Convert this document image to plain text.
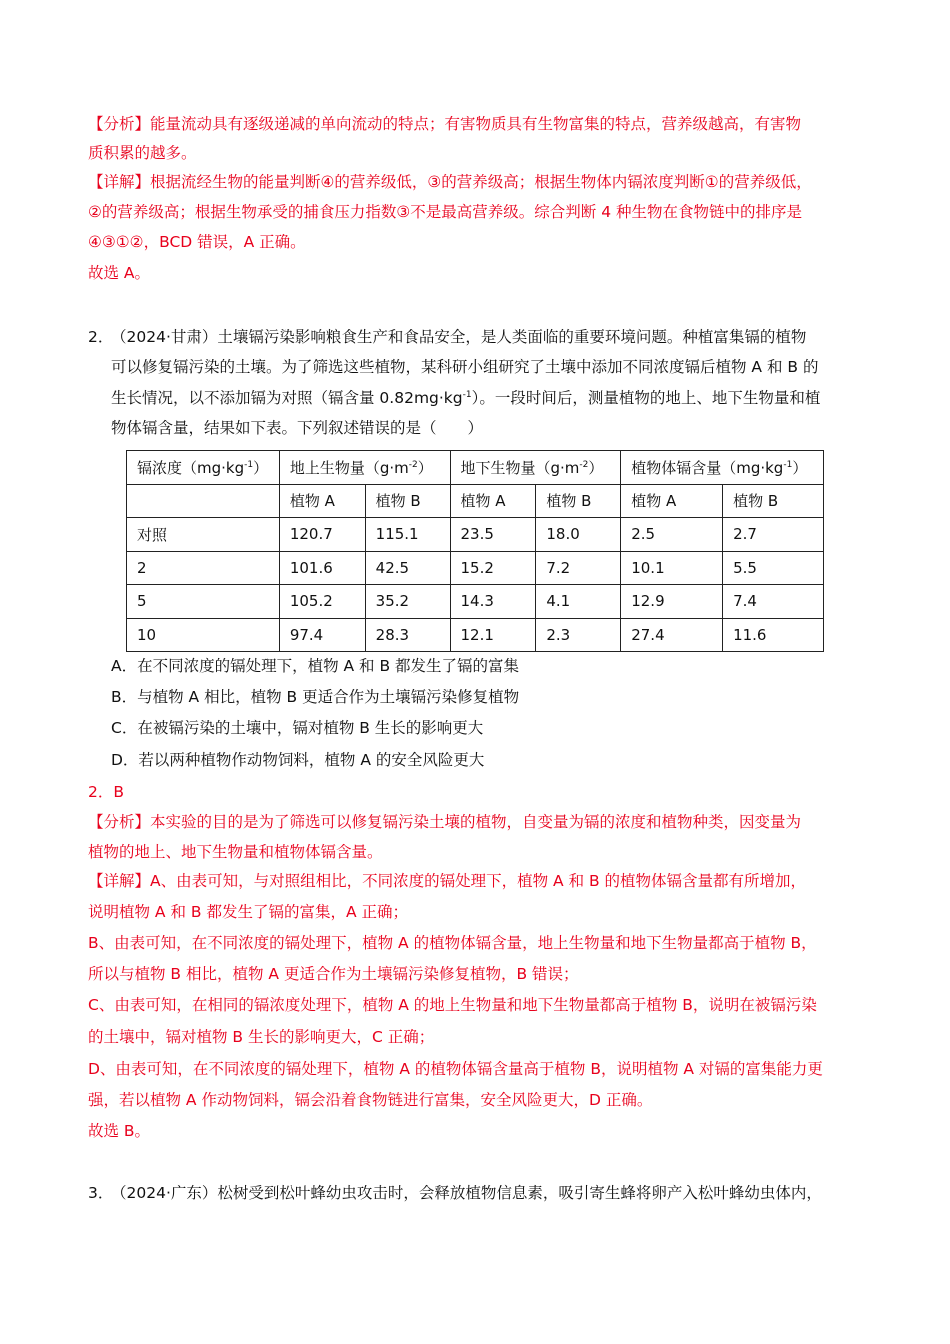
【分析】能量流动具有逐级递减的单向流动的特点；有害物质具有生物富集的特点，营养级越高，有害物
质积累的越多。
【详解】根据流经生物的能量判断④的营养级低，③的营养级高；根据生物体内镉浓度判断①的营养级低，
②的营养级高；根据生物承受的捕食压力指数③不是最高营养级。综合判断 4 种生物在食物链中的排序是
④③①②，BCD 错误，A 正确。
故选 A。
2．
（2024·甘肃）土壤镉污染影响粮食生产和食品安全，是人类面临的重要环境问题。种植富集镉的植物
可以修复镉污染的土壤。为了筛选这些植物，某科研小组研究了土壤中添加不同浓度镉后植物 A 和 B 的
生长情况，以不添加镉为对照（镉含量 $0.82mg\cdot kg^{-1}$）。一段时间后，测量植物的地上、地下生物量和植
物体镉含量，结果如下表。下列叙述错误的是（　　）
镉浓度$(mg\cdot kg^{-1})$	地上生物量$(g\cdot m^{-2})$		地下生物量$(g\cdot m^{-2})$		植物体镉含量$(mg\cdot kg^{-1})$	
	植物 A	植物 B	植物 A	植物 B	植物 A	植物 B
对照	120.7	115.1	23.5	18.0	2.5	2.7
2	101.6	42.5	15.2	7.2	10.1	5.5
5	105.2	35.2	14.3	4.1	12.9	7.4
10	97.4	28.3	12.1	2.3	27.4	11.6
A．在不同浓度的镉处理下，植物 A 和 B 都发生了镉的富集
B．与植物 A 相比，植物 B 更适合作为土壤镉污染修复植物
C．在被镉污染的土壤中，镉对植物 B 生长的影响更大
D．若以两种植物作动物饲料，植物 A 的安全风险更大
2．B
【分析】本实验的目的是为了筛选可以修复镉污染土壤的植物，自变量为镉的浓度和植物种类，因变量为
植物的地上、地下生物量和植物体镉含量。
【详解】A、由表可知，与对照组相比，不同浓度的镉处理下，植物 A 和 B 的植物体镉含量都有所增加，
说明植物 A 和 B 都发生了镉的富集，A 正确；
B、由表可知，在不同浓度的镉处理下，植物 A 的植物体镉含量，地上生物量和地下生物量都高于植物 B，
所以与植物 B 相比，植物 A 更适合作为土壤镉污染修复植物，B 错误；
C、由表可知，在相同的镉浓度处理下，植物 A 的地上生物量和地下生物量都高于植物 B，说明在被镉污染
的土壤中，镉对植物 B 生长的影响更大，C 正确；
D、由表可知，在不同浓度的镉处理下，植物 A 的植物体镉含量高于植物 B，说明植物 A 对镉的富集能力更
强，若以植物 A 作动物饲料，镉会沿着食物链进行富集，安全风险更大，D 正确。
故选 B。
3．
（2024·广东）松树受到松叶蜂幼虫攻击时，会释放植物信息素，吸引寄生蜂将卵产入松叶蜂幼虫体内，
